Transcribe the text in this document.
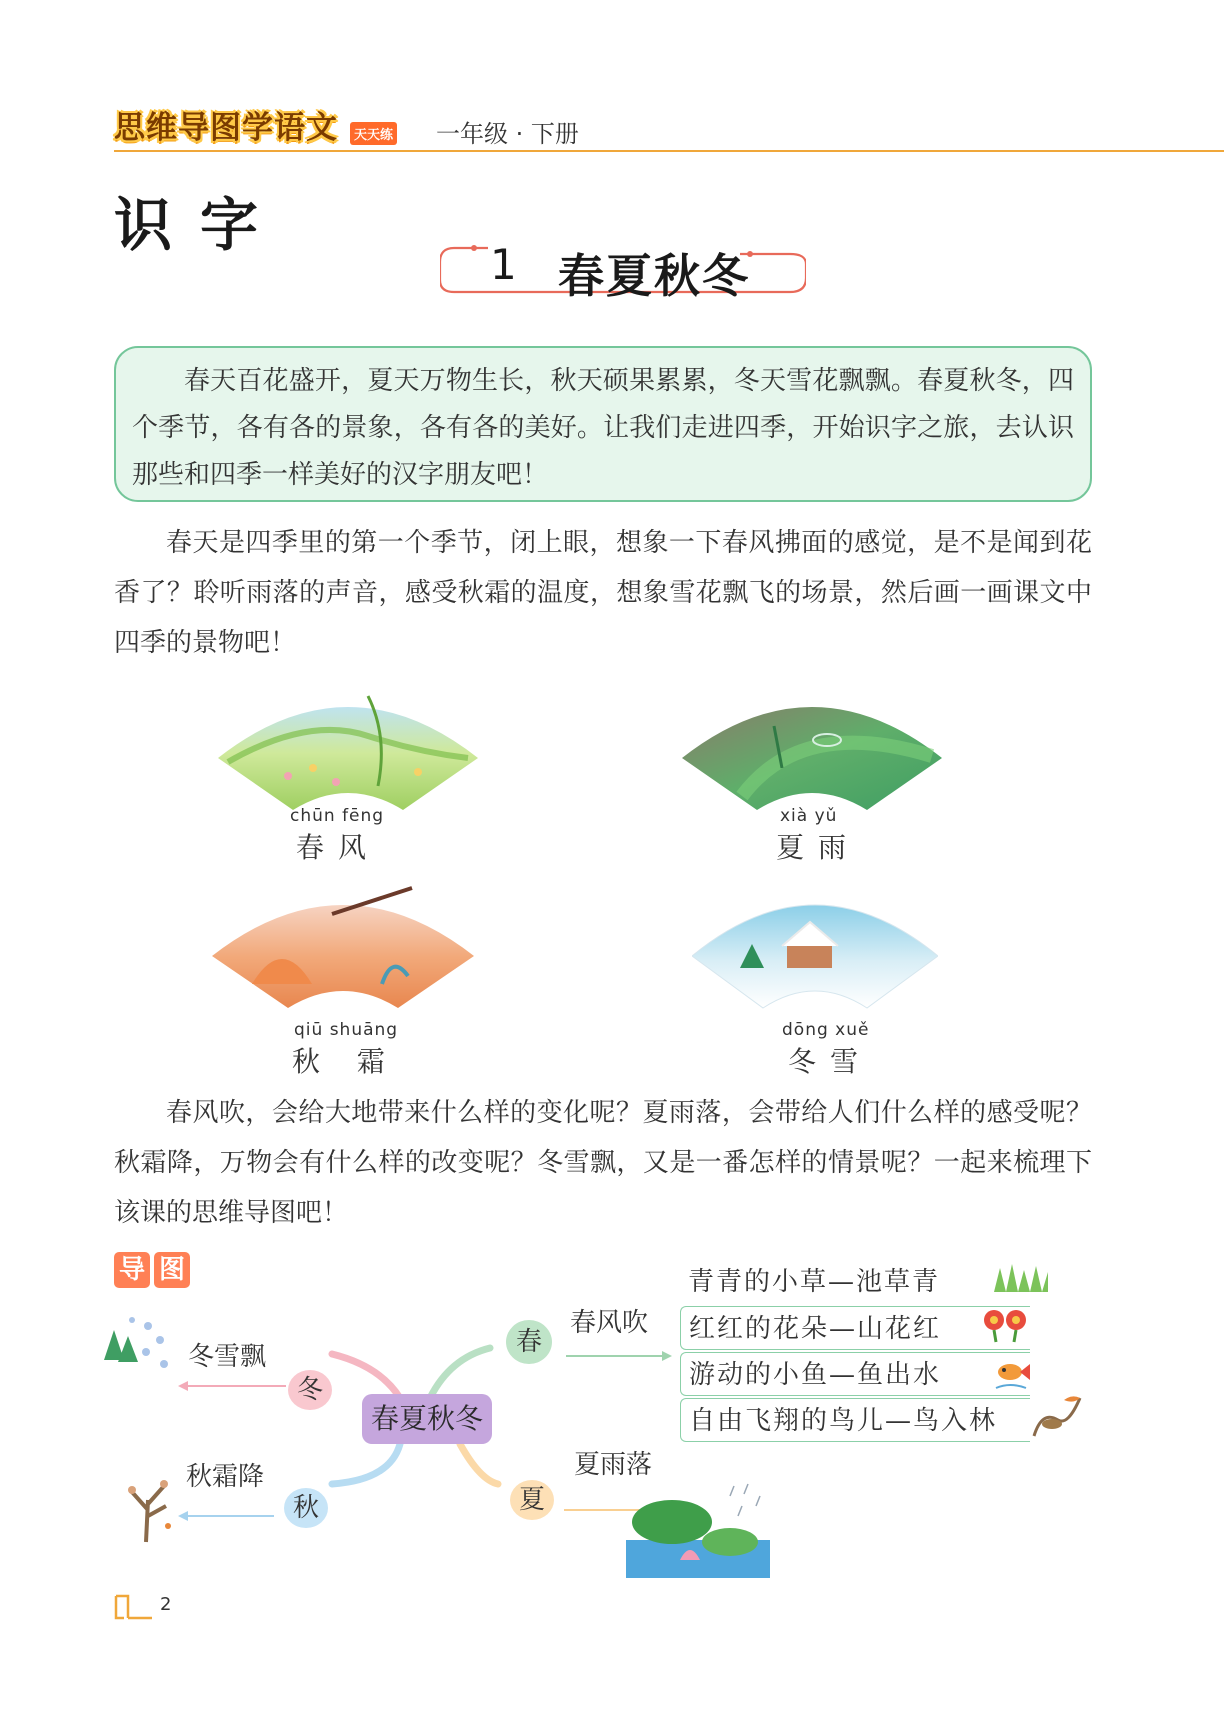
思维导图学语文	天天练 一年级 · 下册
识字
1 春夏秋冬
春天百花盛开，夏天万物生长，秋天硕果累累，冬天雪花飘飘。春夏秋冬，四个季节，各有各的景象，各有各的美好。让我们走进四季，开始识字之旅，去认识那些和四季一样美好的汉字朋友吧！
春天是四季里的第一个季节，闭上眼，想象一下春风拂面的感觉，是不是闻到花香了？聆听雨落的声音，感受秋霜的温度，想象雪花飘飞的场景，然后画一画课文中四季的景物吧！
chūn fēng
春风
xià yǔ
夏雨
qiū shuāng
秋 霜
dōng xuě
冬雪
春风吹，会给大地带来什么样的变化呢？夏雨落，会带给人们什么样的感受呢？秋霜降，万物会有什么样的改变呢？冬雪飘，又是一番怎样的情景呢？一起来梳理下该课的思维导图吧！
导 图
春夏秋冬
春
春风吹
冬
冬雪飘
秋
秋霜降
夏
夏雨落
青青的小草—池草青
红红的花朵—山花红
游动的小鱼—鱼出水
自由飞翔的鸟儿—鸟入林
2
